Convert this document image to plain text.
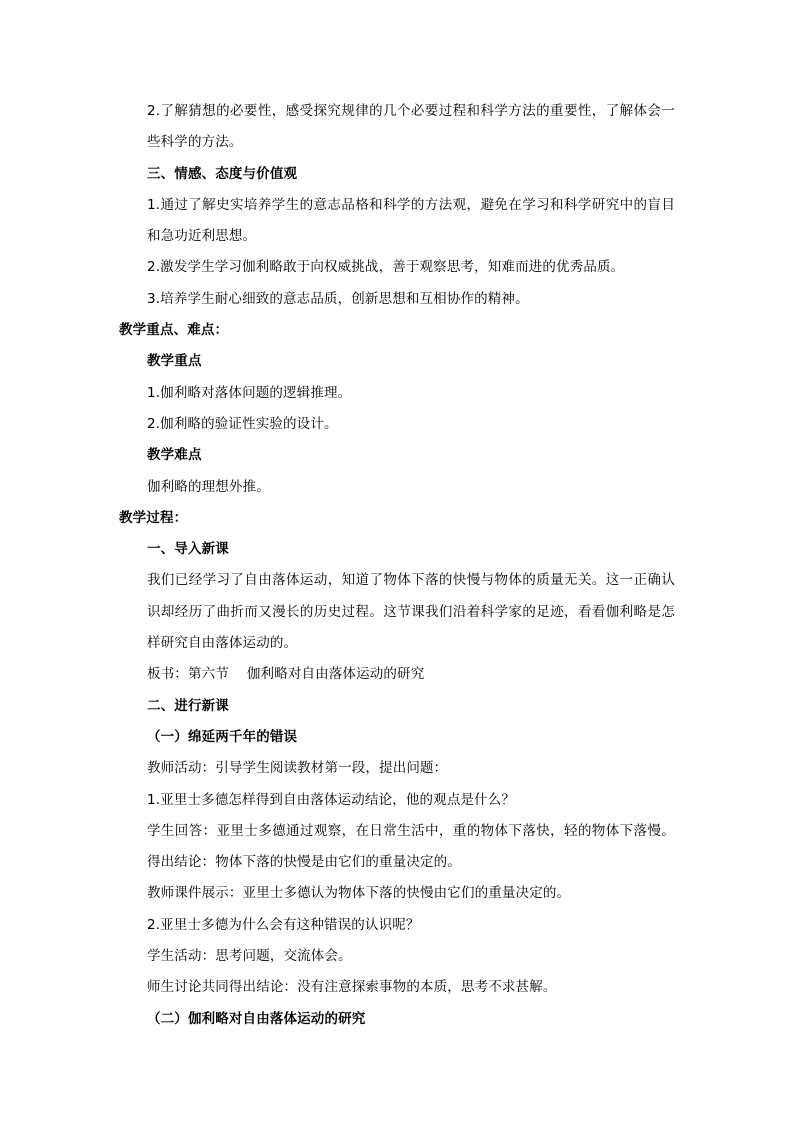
2.了解猜想的必要性，感受探究规律的几个必要过程和科学方法的重要性，了解体会一些科学的方法。
三、情感、态度与价值观
1.通过了解史实培养学生的意志品格和科学的方法观，避免在学习和科学研究中的盲目和急功近利思想。
2.激发学生学习伽利略敢于向权威挑战，善于观察思考，知难而进的优秀品质。
3.培养学生耐心细致的意志品质，创新思想和互相协作的精神。
教学重点、难点：
教学重点
1.伽利略对落体问题的逻辑推理。
2.伽利略的验证性实验的设计。
教学难点
伽利略的理想外推。
教学过程：
一、导入新课
我们已经学习了自由落体运动，知道了物体下落的快慢与物体的质量无关。这一正确认识却经历了曲折而又漫长的历史过程。这节课我们沿着科学家的足迹，看看伽利略是怎样研究自由落体运动的。
板书：第六节 伽利略对自由落体运动的研究
二、进行新课
（一）绵延两千年的错误
教师活动：引导学生阅读教材第一段，提出问题：
1.亚里士多德怎样得到自由落体运动结论，他的观点是什么？
学生回答：亚里士多德通过观察，在日常生活中，重的物体下落快，轻的物体下落慢。得出结论：物体下落的快慢是由它们的重量决定的。
教师课件展示：亚里士多德认为物体下落的快慢由它们的重量决定的。
2.亚里士多德为什么会有这种错误的认识呢？
学生活动：思考问题，交流体会。
师生讨论共同得出结论：没有注意探索事物的本质，思考不求甚解。
（二）伽利略对自由落体运动的研究
